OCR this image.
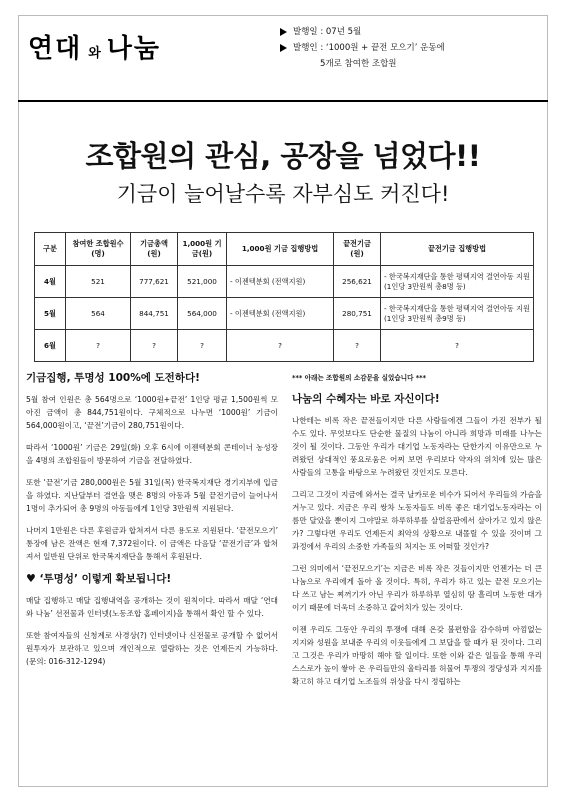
연대 와 나눔
발행일 : 07년 5월
발행인 : ‘1000원 + 끝전 모으기’ 운동에
5개로 참여한 조합원
조합원의 관심, 공장을 넘었다!!
기금이 늘어날수록 자부심도 커진다!
구분	참여한 조합원수(명)	기금총액 (원)	1,000원 기금(원)	1,000원 기금 집행방법	끝전기금 (원)	끝전기금 집행방법
4월	521	777,621	521,000	- 이젠텍분회 (전액지원)	256,621	- 한국복지재단을 통한 평택지역 결연아동 지원(1인당 3만원씩 총8명 등)
5월	564	844,751	564,000	- 이젠텍분회 (전액지원)	280,751	- 한국복지재단을 통한 평택지역 결연아동 지원(1인당 3만원씩 총9명 등)
6월	?	?	?	?	?	?
기금집행, 투명성 100%에 도전하다!

5월 참여 인원은 총 564명으로 ‘1000원+끝전’ 1인당 평균 1,500원씩 모아진 금액이 총 844,751원이다. 구체적으로 나누면 ‘1000원’ 기금이 564,000원이고, ‘끝전’기금이 280,751원이다.

따라서 ‘1000원’ 기금은 29일(화) 오후 6시에 이젠텍분회 콘테이너 농성장을 4명의 조합원들이 방문하여 기금을 전달하였다.

또한 ‘끝전’기금 280,000원은 5월 31일(목) 한국복지재단 경기지부에 입금을 하였다. 지난달부터 결연을 맺은 8명의 아동과 5월 끝전기금이 늘어나서 1명이 추가되어 총 9명의 아동들에게 1인당 3만원씩 지원된다.

나머지 1만원은 다른 후원금과 합쳐져서 다른 용도로 지원된다. ‘끝전모으기’ 통장에 남은 잔액은 현재 7,372원이다. 이 금액은 다음달 ‘끝전기금’과 합쳐져서 일반원 단위로 한국복지재단을 통해서 후원된다.

♥ ‘투명성’ 이렇게 확보됩니다!

매달 집행하고 매달 집행내역을 공개하는 것이 원칙이다. 따라서 매달 ‘연대와 나눔’ 선전물과 인터넷(노동조합 홈페이지)을 통해서 확인 할 수 있다.

또한 참여자들의 신청계로 사경상(?) 인터넷이나 신전물로 공개할 수 없어서 원투자가 보관하고 있으며 개인적으로 열람하는 것은 언제든지 가능하다. (문의: 016-312-1294)

*** 아래는 조합원의 소감문을 실었습니다 ***
나눔의 수혜자는 바로 자신이다!

나한테는 비록 작은 끝전들이지만 다른 사람들에겐 그들이 가진 전부가 될 수도 있다. 무엇보다도 단순한 물질의 나눔이 아니라 희망과 미래를 나누는 것이 될 것이다. 그동안 우리가 대기업 노동자라는 단한가지 이유만으로 누려왔던 상대적인 풍요로움은 어찌 보면 우리보다 약자의 위치에 있는 많은 사람들의 고통을 바탕으로 누려왔던 것인지도 모른다.

그리고 그것이 지금에 와서는 결국 날카로운 비수가 되어서 우리들의 가슴을 겨누고 있다. 지금은 우리 쌍차 노동자들도 비록 좋은 대기업노동자라는 이름만 달았을 뿐이지 그야말로 하루하루를 살얼음판에서 살아가고 있지 않은가? 그렇다면 우리도 언제든지 최악의 상황으로 내몰릴 수 있을 것이며 그 과정에서 우리의 소중한 가족들의 처지는 또 어떠할 것인가?

그런 의미에서 ‘끝전모으기’는 지금은 비록 작은 것들이지만 언젠가는 더 큰 나눔으로 우리에게 돌아 올 것이다. 특히, 우리가 하고 있는 끝전 모으기는 다 쓰고 남는 찌꺼기가 아닌 우리가 하루하루 열심히 땀 흘리며 노동한 대가이기 때문에 더욱더 소중하고 값어치가 있는 것이다.

이젠 우리도 그동안 우리의 투쟁에 대해 온갖 불편함을 감수하며 아낌없는 지지와 성원을 보내준 우리의 이웃들에게 그 보답을 할 때가 된 것이다. 그리고 그것은 우리가 마땅히 해야 할 일이다. 또한 이와 같은 일들을 통해 우리 스스로가 높이 쌓아 온 우리들만의 울타리를 허물어 투쟁의 정당성과 지지를 확고히 하고 대기업 노조들의 위상을 다시 정립하는
